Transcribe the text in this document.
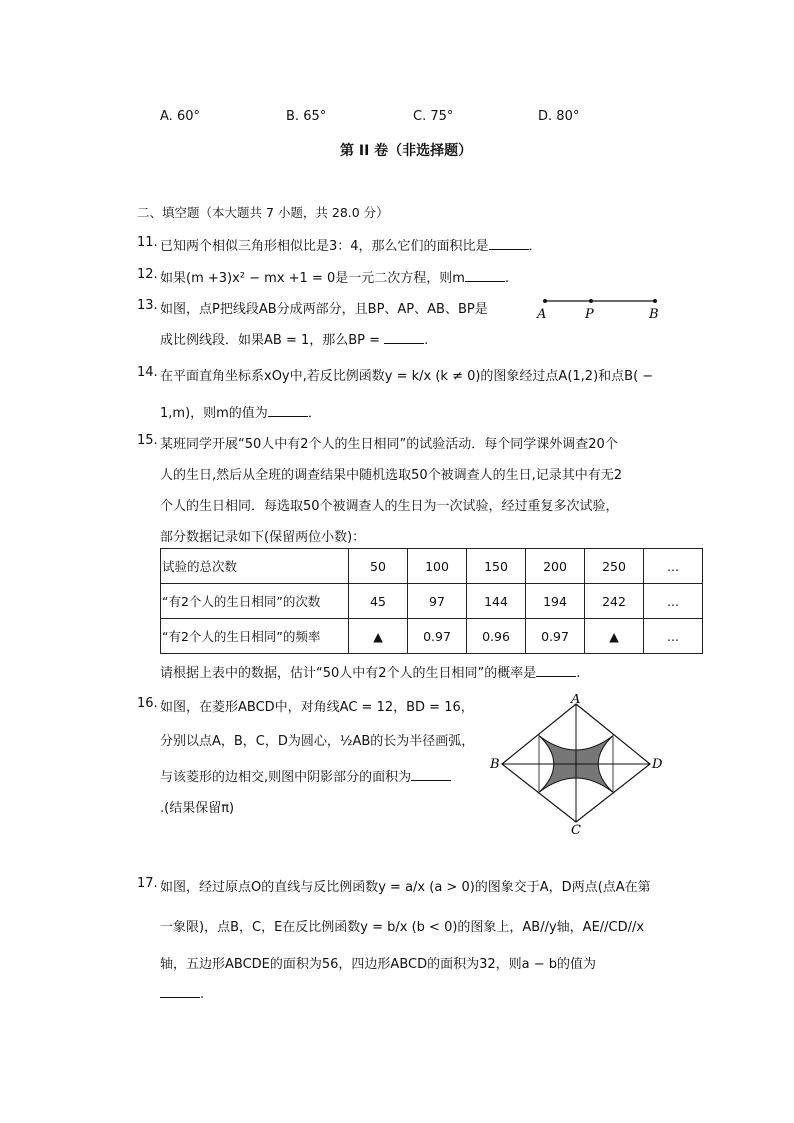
A. 60°	B. 65°	C. 75°	D. 80°
第 II 卷（非选择题）
二、填空题（本大题共 7 小题，共 28.0 分）
11. 已知两个相似三角形相似比是3：4，那么它们的面积比是	．
12. 如果(m +3)x² − mx +1 = 0是一元二次方程，则m	.
13. 如图，点P把线段AB分成两部分，且BP、AP、AB、BP是
成比例线段．如果AB = 1，那么BP =	.
A	P	B
14. 在平面直角坐标系xOy中,若反比例函数y = k/x (k ≠ 0)的图象经过点A(1,2)和点B( −
1,m)，则m的值为	．
15. 某班同学开展“50人中有2个人的生日相同”的试验活动．每个同学课外调查20个
人的生日,然后从全班的调查结果中随机选取50个被调查人的生日,记录其中有无2
个人的生日相同．每选取50个被调查人的生日为一次试验，经过重复多次试验，
部分数据记录如下(保留两位小数)：
试验的总次数	50	100	150	200	250	...
“有2个人的生日相同”的次数	45	97	144	194	242	...
“有2个人的生日相同”的频率	▲	0.97	0.96	0.97	▲	...
请根据上表中的数据，估计“50人中有2个人的生日相同”的概率是	.
16. 如图，在菱形ABCD中，对角线AC = 12，BD = 16，
分别以点A，B，C，D为圆心，½AB的长为半径画弧，
与该菱形的边相交,则图中阴影部分的面积为
.(结果保留π)
A
B
C
D
17. 如图，经过原点O的直线与反比例函数y = a/x (a > 0)的图象交于A，D两点(点A在第
一象限)，点B，C，E在反比例函数y = b/x (b < 0)的图象上，AB//y轴，AE//CD//x
轴，五边形ABCDE的面积为56，四边形ABCD的面积为32，则a − b的值为
.
